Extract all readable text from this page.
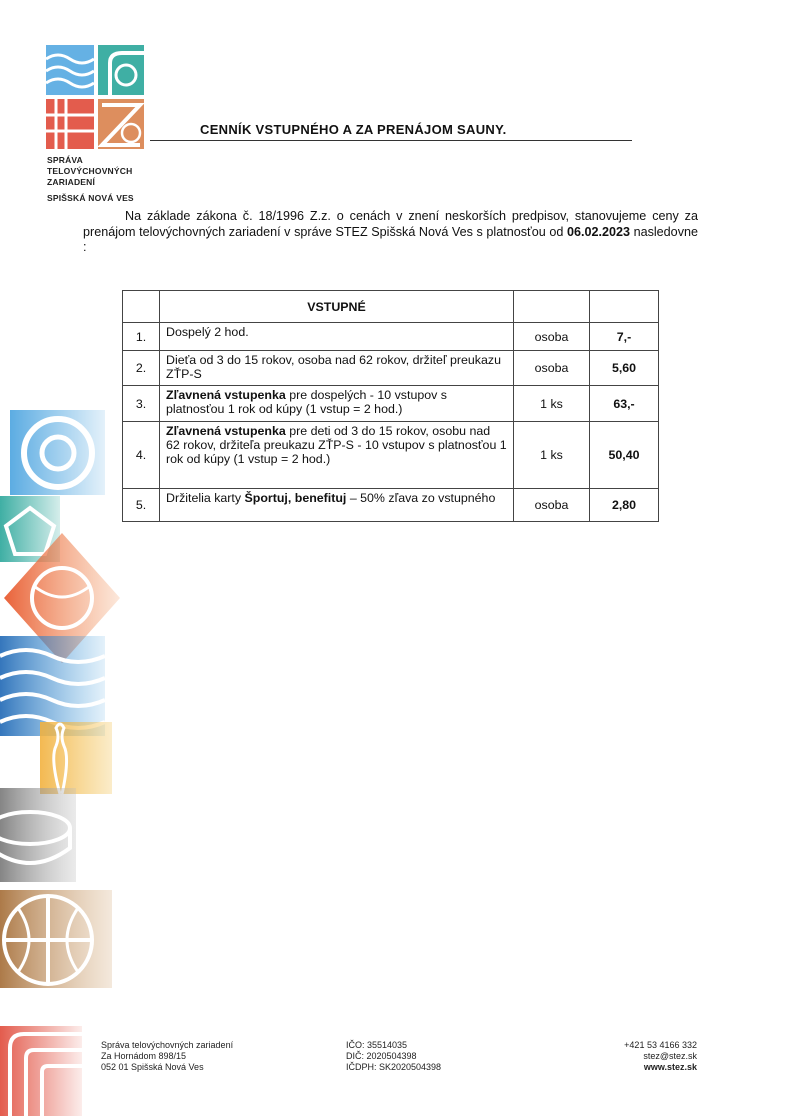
SPRÁVA
TELOVÝCHOVNÝCH
ZARIADENÍ
SPIŠSKÁ NOVÁ VES
CENNÍK VSTUPNÉHO A ZA PRENÁJOM SAUNY.
Na základe zákona č. 18/1996 Z.z. o cenách v znení neskorších predpisov, stanovujeme ceny za prenájom telovýchovných zariadení v správe STEZ Spišská Nová Ves s platnosťou od 06.02.2023 nasledovne :
	VSTUPNÉ		
1.	Dospelý 2 hod.	osoba	7,-
2.	Dieťa od 3 do 15 rokov, osoba nad 62 rokov, držiteľ preukazu ZŤP-S	osoba	5,60
3.	Zľavnená vstupenka pre dospelých - 10 vstupov s platnosťou 1 rok od kúpy (1 vstup = 2 hod.)	1 ks	63,-
4.	Zľavnená vstupenka pre deti od 3 do 15 rokov, osobu nad 62 rokov, držiteľa preukazu ZŤP-S - 10 vstupov s platnosťou 1 rok od kúpy (1 vstup = 2 hod.)	1 ks	50,40
5.	Držitelia karty Športuj, benefituj – 50% zľava zo vstupného	osoba	2,80
Správa telovýchovných zariadení
Za Hornádom 898/15
052 01 Spišská Nová Ves
IČO: 35514035
DIČ: 2020504398
IČDPH: SK2020504398
+421 53 4166 332
stez@stez.sk
www.stez.sk
